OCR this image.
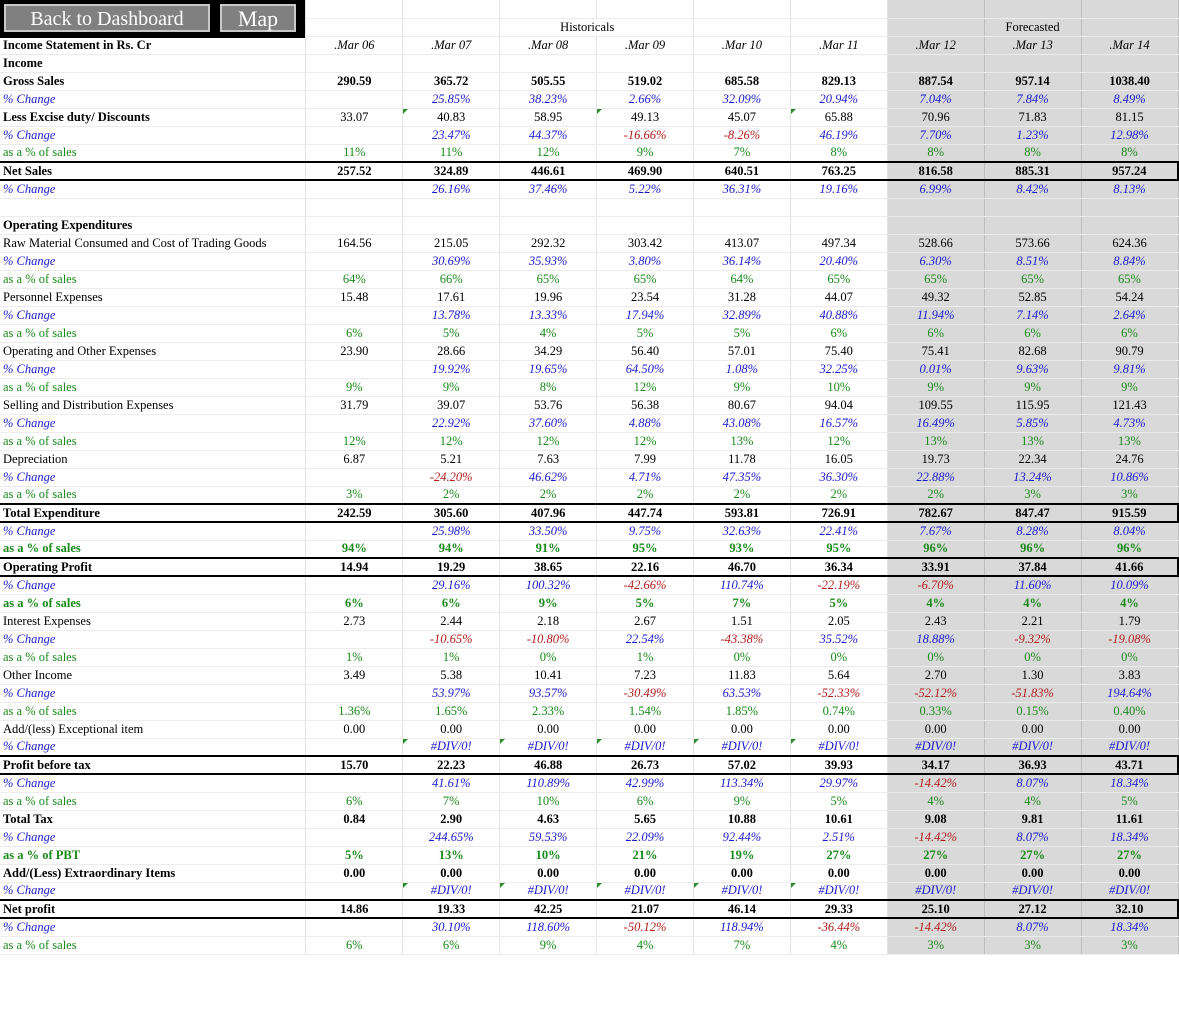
			Historicals					Forecasted	
Income Statement in Rs. Cr	.Mar 06	.Mar 07	.Mar 08	.Mar 09	.Mar 10	.Mar 11	.Mar 12	.Mar 13	.Mar 14
Income									
Gross Sales	290.59	365.72	505.55	519.02	685.58	829.13	887.54	957.14	1038.40
% Change		25.85%	38.23%	2.66%	32.09%	20.94%	7.04%	7.84%	8.49%
Less Excise duty/ Discounts	33.07	40.83	58.95	49.13	45.07	65.88	70.96	71.83	81.15
% Change		23.47%	44.37%	-16.66%	-8.26%	46.19%	7.70%	1.23%	12.98%
as a % of sales	11%	11%	12%	9%	7%	8%	8%	8%	8%
Net Sales	257.52	324.89	446.61	469.90	640.51	763.25	816.58	885.31	957.24
% Change		26.16%	37.46%	5.22%	36.31%	19.16%	6.99%	8.42%	8.13%

Operating Expenditures									
Raw Material Consumed and Cost of Trading Goods	164.56	215.05	292.32	303.42	413.07	497.34	528.66	573.66	624.36
% Change		30.69%	35.93%	3.80%	36.14%	20.40%	6.30%	8.51%	8.84%
as a % of sales	64%	66%	65%	65%	64%	65%	65%	65%	65%
Personnel Expenses	15.48	17.61	19.96	23.54	31.28	44.07	49.32	52.85	54.24
% Change		13.78%	13.33%	17.94%	32.89%	40.88%	11.94%	7.14%	2.64%
as a % of sales	6%	5%	4%	5%	5%	6%	6%	6%	6%
Operating and Other Expenses	23.90	28.66	34.29	56.40	57.01	75.40	75.41	82.68	90.79
% Change		19.92%	19.65%	64.50%	1.08%	32.25%	0.01%	9.63%	9.81%
as a % of sales	9%	9%	8%	12%	9%	10%	9%	9%	9%
Selling and Distribution Expenses	31.79	39.07	53.76	56.38	80.67	94.04	109.55	115.95	121.43
% Change		22.92%	37.60%	4.88%	43.08%	16.57%	16.49%	5.85%	4.73%
as a % of sales	12%	12%	12%	12%	13%	12%	13%	13%	13%
Depreciation	6.87	5.21	7.63	7.99	11.78	16.05	19.73	22.34	24.76
% Change		-24.20%	46.62%	4.71%	47.35%	36.30%	22.88%	13.24%	10.86%
as a % of sales	3%	2%	2%	2%	2%	2%	2%	3%	3%
Total Expenditure	242.59	305.60	407.96	447.74	593.81	726.91	782.67	847.47	915.59
% Change		25.98%	33.50%	9.75%	32.63%	22.41%	7.67%	8.28%	8.04%
as a % of sales	94%	94%	91%	95%	93%	95%	96%	96%	96%
Operating Profit	14.94	19.29	38.65	22.16	46.70	36.34	33.91	37.84	41.66
% Change		29.16%	100.32%	-42.66%	110.74%	-22.19%	-6.70%	11.60%	10.09%
as a % of sales	6%	6%	9%	5%	7%	5%	4%	4%	4%
Interest Expenses	2.73	2.44	2.18	2.67	1.51	2.05	2.43	2.21	1.79
% Change		-10.65%	-10.80%	22.54%	-43.38%	35.52%	18.88%	-9.32%	-19.08%
as a % of sales	1%	1%	0%	1%	0%	0%	0%	0%	0%
Other Income	3.49	5.38	10.41	7.23	11.83	5.64	2.70	1.30	3.83
% Change		53.97%	93.57%	-30.49%	63.53%	-52.33%	-52.12%	-51.83%	194.64%
as a % of sales	1.36%	1.65%	2.33%	1.54%	1.85%	0.74%	0.33%	0.15%	0.40%
Add/(less) Exceptional item	0.00	0.00	0.00	0.00	0.00	0.00	0.00	0.00	0.00
% Change		#DIV/0!	#DIV/0!	#DIV/0!	#DIV/0!	#DIV/0!	#DIV/0!	#DIV/0!	#DIV/0!
Profit before tax	15.70	22.23	46.88	26.73	57.02	39.93	34.17	36.93	43.71
% Change		41.61%	110.89%	42.99%	113.34%	29.97%	-14.42%	8.07%	18.34%
as a % of sales	6%	7%	10%	6%	9%	5%	4%	4%	5%
Total Tax	0.84	2.90	4.63	5.65	10.88	10.61	9.08	9.81	11.61
% Change		244.65%	59.53%	22.09%	92.44%	2.51%	-14.42%	8.07%	18.34%
as a % of PBT	5%	13%	10%	21%	19%	27%	27%	27%	27%
Add/(Less) Extraordinary Items	0.00	0.00	0.00	0.00	0.00	0.00	0.00	0.00	0.00
% Change		#DIV/0!	#DIV/0!	#DIV/0!	#DIV/0!	#DIV/0!	#DIV/0!	#DIV/0!	#DIV/0!
Net profit	14.86	19.33	42.25	21.07	46.14	29.33	25.10	27.12	32.10
% Change		30.10%	118.60%	-50.12%	118.94%	-36.44%	-14.42%	8.07%	18.34%
as a % of sales	6%	6%	9%	4%	7%	4%	3%	3%	3%
Back to Dashboard	Map
